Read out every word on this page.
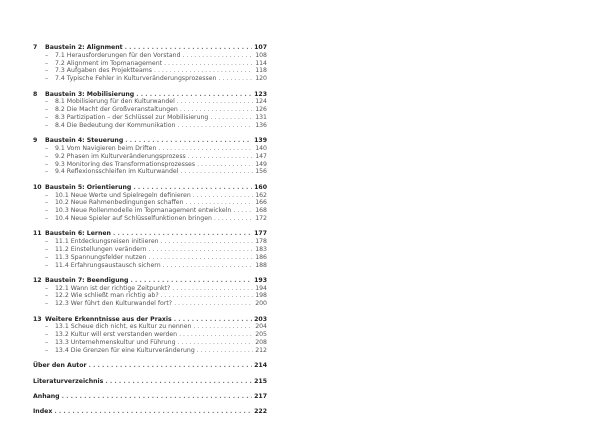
7	Baustein 2: Alignment . . .	107
–	7.1 Herausforderungen für den Vorstand . . .	108
–	7.2 Alignment im Topmanagement . . .	114
–	7.3 Aufgaben des Projektteams . . .	118
–	7.4 Typische Fehler in Kulturveränderungsprozessen . . .	120
8	Baustein 3: Mobilisierung . . .	123
–	8.1 Mobilisierung für den Kulturwandel . . .	124
–	8.2 Die Macht der Großveranstaltungen . . .	126
–	8.3 Partizipation – der Schlüssel zur Mobilisierung . . .	131
–	8.4 Die Bedeutung der Kommunikation . . .	136
9	Baustein 4: Steuerung . . .	139
–	9.1 Vom Navigieren beim Driften . . .	140
–	9.2 Phasen im Kulturveränderungsprozess . . .	147
–	9.3 Monitoring des Transformationsprozesses . . .	149
–	9.4 Reflexionsschleifen im Kulturwandel . . .	156
10 Baustein 5: Orientierung . . .	160
–	10.1 Neue Werte und Spielregeln definieren . . .	162
–	10.2 Neue Rahmenbedingungen schaffen . . .	166
–	10.3 Neue Rollenmodelle im Topmanagement entwickeln . . .	168
–	10.4 Neue Spieler auf Schlüsselfunktionen bringen . . .	172
11 Baustein 6: Lernen . . .	177
–	11.1 Entdeckungsreisen initiieren . . .	178
–	11.2 Einstellungen verändern . . .	183
–	11.3 Spannungsfelder nutzen . . .	186
–	11.4 Erfahrungsaustausch sichern . . .	188
12 Baustein 7: Beendigung . . .	193
–	12.1 Wann ist der richtige Zeitpunkt? . . .	194
–	12.2 Wie schließt man richtig ab? . . .	198
–	12.3 Wer führt den Kulturwandel fort? . . .	200
13 Weitere Erkenntnisse aus der Praxis . . .	203
–	13.1 Scheue dich nicht, es Kultur zu nennen . . .	204
–	13.2 Kultur will erst verstanden werden . . .	205
–	13.3 Unternehmenskultur und Führung . . .	208
–	13.4 Die Grenzen für eine Kulturveränderung . . .	212
Über den Autor . . .	214
Literaturverzeichnis . . .	215
Anhang . . .	217
Index . . .	222
